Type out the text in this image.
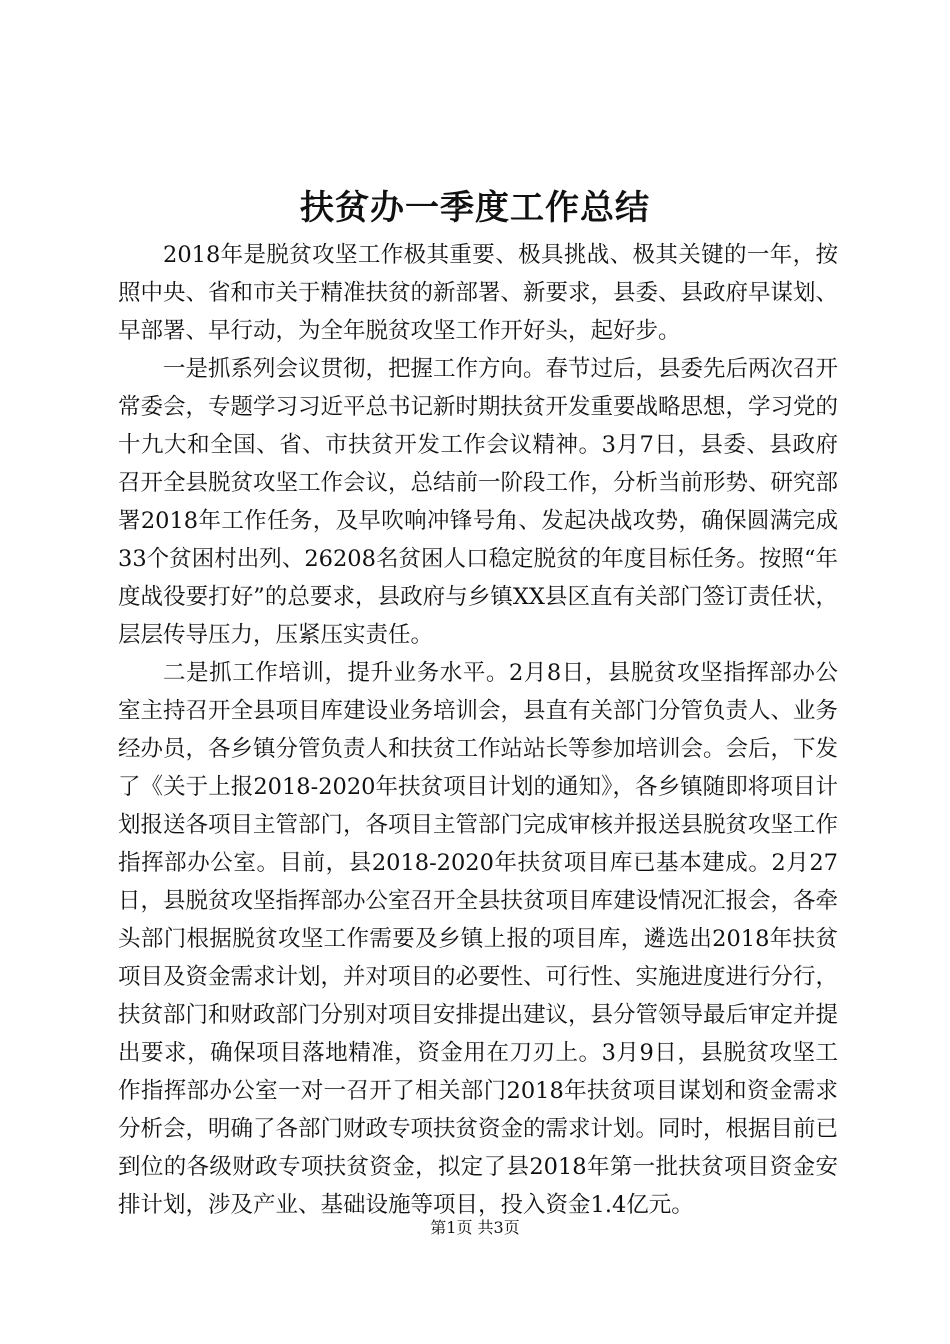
扶贫办一季度工作总结

2018年是脱贫攻坚工作极其重要、极具挑战、极其关键的一年，按照中央、省和市关于精准扶贫的新部署、新要求，县委、县政府早谋划、早部署、早行动，为全年脱贫攻坚工作开好头，起好步。

一是抓系列会议贯彻，把握工作方向。春节过后，县委先后两次召开常委会，专题学习习近平总书记新时期扶贫开发重要战略思想，学习党的十九大和全国、省、市扶贫开发工作会议精神。3月7日，县委、县政府召开全县脱贫攻坚工作会议，总结前一阶段工作，分析当前形势、研究部署2018年工作任务，及早吹响冲锋号角、发起决战攻势，确保圆满完成33个贫困村出列、26208名贫困人口稳定脱贫的年度目标任务。按照“年度战役要打好”的总要求，县政府与乡镇XX县区直有关部门签订责任状，层层传导压力，压紧压实责任。

二是抓工作培训，提升业务水平。2月8日，县脱贫攻坚指挥部办公室主持召开全县项目库建设业务培训会，县直有关部门分管负责人、业务经办员，各乡镇分管负责人和扶贫工作站站长等参加培训会。会后，下发了《关于上报2018-2020年扶贫项目计划的通知》，各乡镇随即将项目计划报送各项目主管部门，各项目主管部门完成审核并报送县脱贫攻坚工作指挥部办公室。目前，县2018-2020年扶贫项目库已基本建成。2月27日，县脱贫攻坚指挥部办公室召开全县扶贫项目库建设情况汇报会，各牵头部门根据脱贫攻坚工作需要及乡镇上报的项目库，遴选出2018年扶贫项目及资金需求计划，并对项目的必要性、可行性、实施进度进行分行，扶贫部门和财政部门分别对项目安排提出建议，县分管领导最后审定并提出要求，确保项目落地精准，资金用在刀刃上。3月9日，县脱贫攻坚工作指挥部办公室一对一召开了相关部门2018年扶贫项目谋划和资金需求分析会，明确了各部门财政专项扶贫资金的需求计划。同时，根据目前已到位的各级财政专项扶贫资金，拟定了县2018年第一批扶贫项目资金安排计划，涉及产业、基础设施等项目，投入资金1.4亿元。

第1页 共3页
